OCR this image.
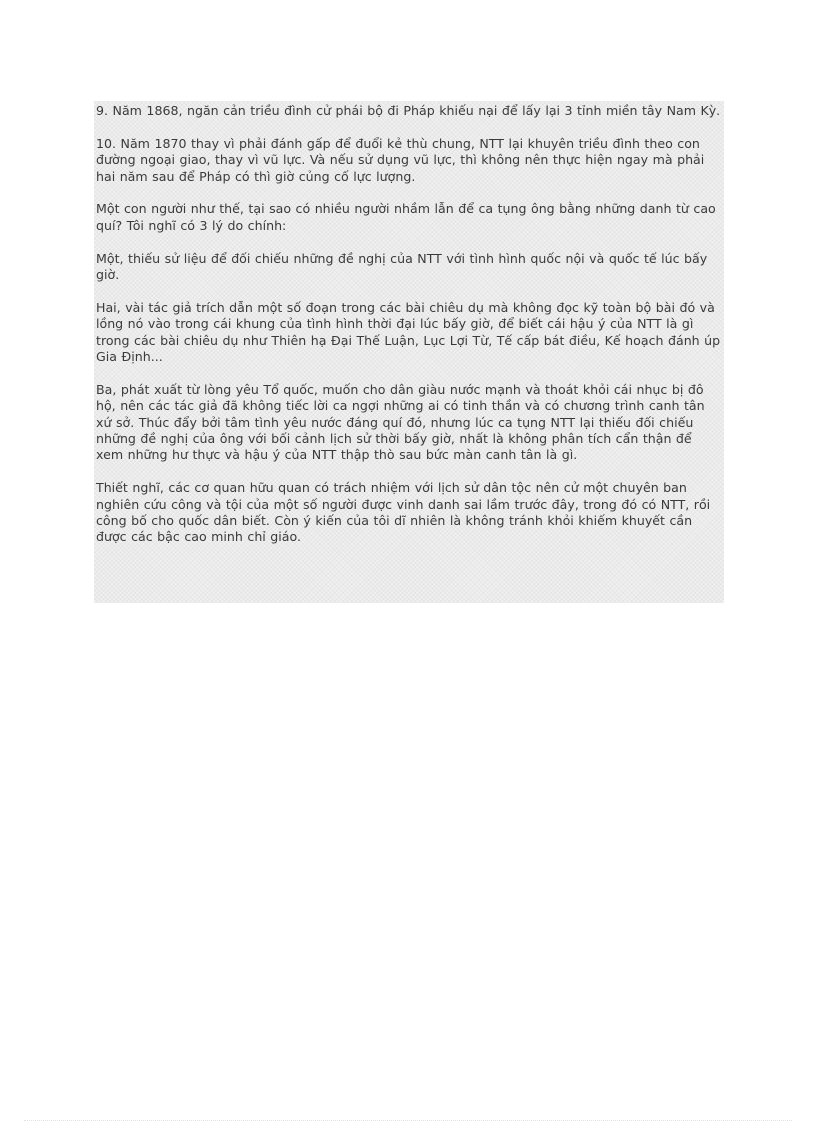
9. Năm 1868, ngăn cản triều đình cử phái bộ đi Pháp khiếu nại để lấy lại 3 tỉnh miền tây Nam Kỳ.

10. Năm 1870 thay vì phải đánh gấp để đuổi kẻ thù chung, NTT lại khuyên triều đình theo con đường ngoại giao, thay vì vũ lực. Và nếu sử dụng vũ lực, thì không nên thực hiện ngay mà phải hai năm sau để Pháp có thì giờ củng cố lực lượng.

Một con người như thế, tại sao có nhiều người nhầm lẫn để ca tụng ông bằng những danh từ cao quí? Tôi nghĩ có 3 lý do chính:

Một, thiếu sử liệu để đối chiếu những đề nghị của NTT với tình hình quốc nội và quốc tế lúc bấy giờ.

Hai, vài tác giả trích dẫn một số đoạn trong các bài chiêu dụ mà không đọc kỹ toàn bộ bài đó và lồng nó vào trong cái khung của tình hình thời đại lúc bấy giờ, để biết cái hậu ý của NTT là gì trong các bài chiêu dụ như Thiên hạ Đại Thế Luận, Lục Lợi Từ, Tế cấp bát điều, Kế hoạch đánh úp Gia Định...

Ba, phát xuất từ lòng yêu Tổ quốc, muốn cho dân giàu nước mạnh và thoát khỏi cái nhục bị đô hộ, nên các tác giả đã không tiếc lời ca ngợi những ai có tinh thần và có chương trình canh tân xứ sở. Thúc đẩy bởi tâm tình yêu nước đáng quí đó, nhưng lúc ca tụng NTT lại thiếu đối chiếu những đề nghị của ông với bối cảnh lịch sử thời bấy giờ, nhất là không phân tích cẩn thận để xem những hư thực và hậu ý của NTT thập thò sau bức màn canh tân là gì.

Thiết nghĩ, các cơ quan hữu quan có trách nhiệm với lịch sử dân tộc nên cử một chuyên ban nghiên cứu công và tội của một số người được vinh danh sai lầm trước đây, trong đó có NTT, rồi công bố cho quốc dân biết. Còn ý kiến của tôi dĩ nhiên là không tránh khỏi khiếm khuyết cần được các bậc cao minh chỉ giáo.
